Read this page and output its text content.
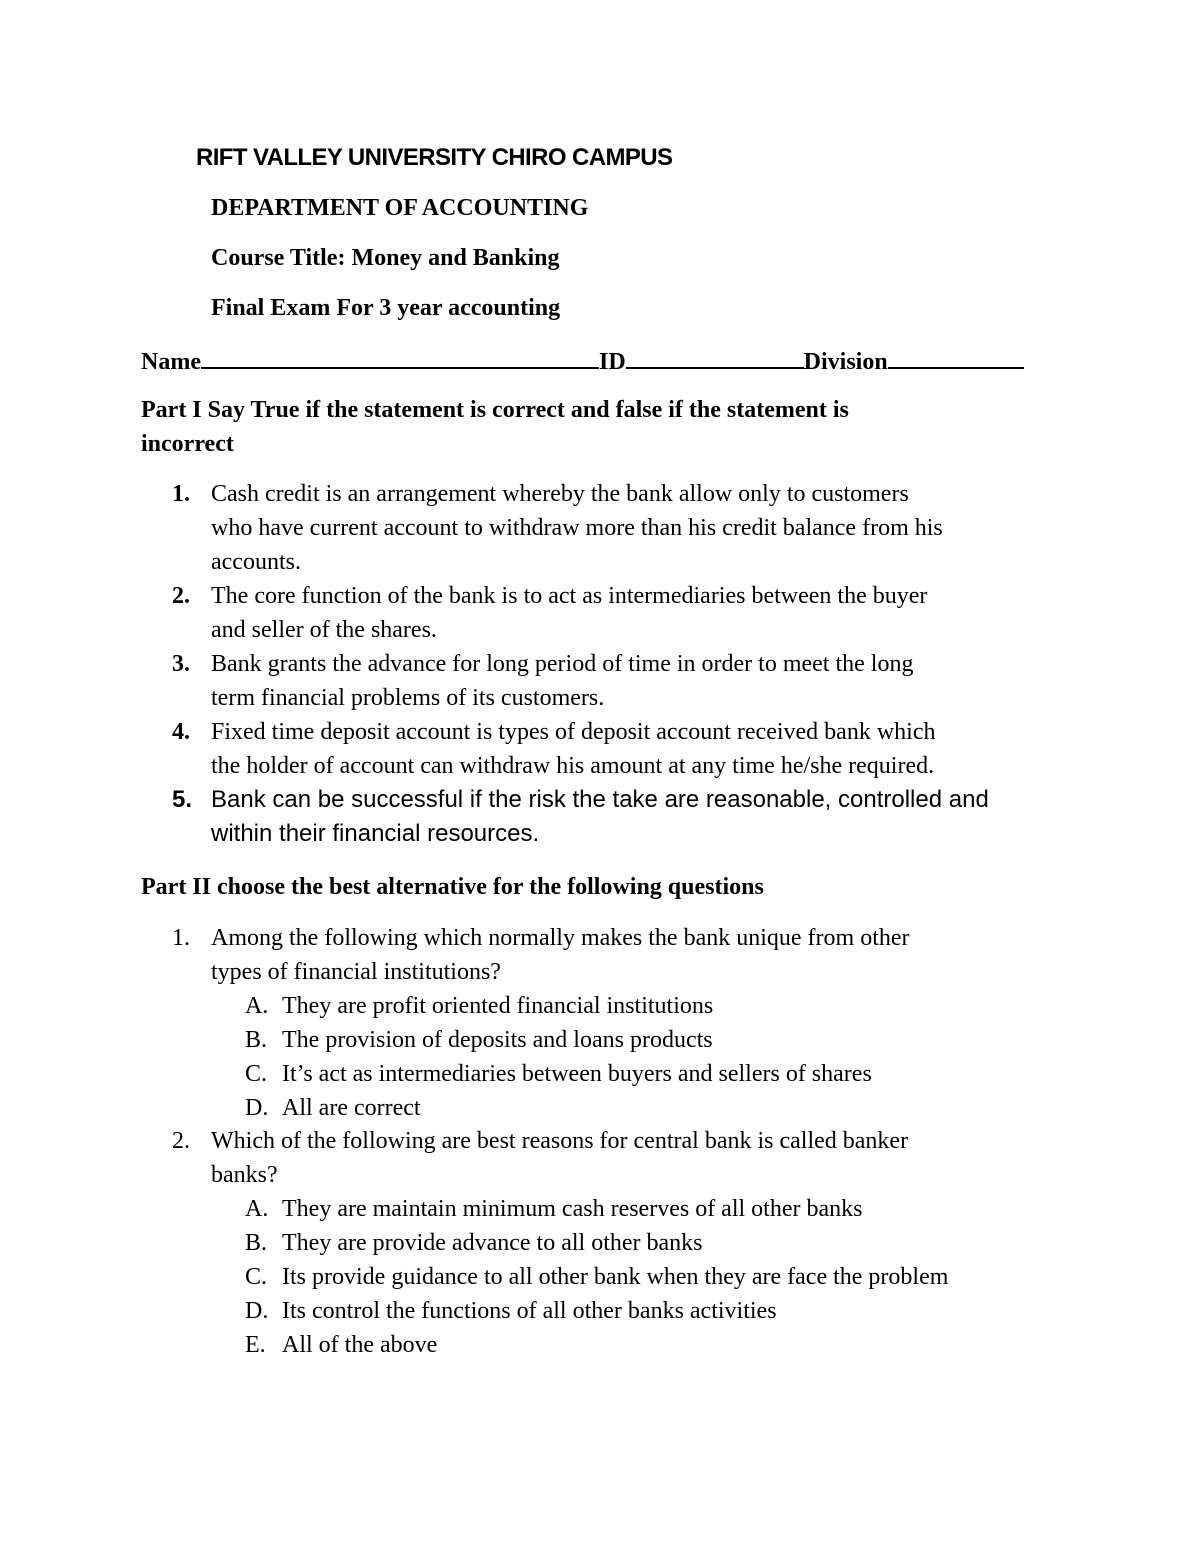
RIFT VALLEY UNIVERSITY CHIRO CAMPUS
DEPARTMENT OF ACCOUNTING
Course Title: Money and Banking
Final Exam For 3 year accounting
Name	ID	Division
Part I Say True if the statement is correct and false if the statement is
incorrect
1. Cash credit is an arrangement whereby the bank allow only to customers
who have current account to withdraw more than his credit balance from his
accounts.
2. The core function of the bank is to act as intermediaries between the buyer
and seller of the shares.
3. Bank grants the advance for long period of time in order to meet the long
term financial problems of its customers.
4. Fixed time deposit account is types of deposit account received bank which
the holder of account can withdraw his amount at any time he/she required.
5. Bank can be successful if the risk the take are reasonable, controlled and
within their financial resources.
Part II choose the best alternative for the following questions
1. Among the following which normally makes the bank unique from other
types of financial institutions?
A. They are profit oriented financial institutions
B. The provision of deposits and loans products
C. It’s act as intermediaries between buyers and sellers of shares
D. All are correct
2. Which of the following are best reasons for central bank is called banker
banks?
A. They are maintain minimum cash reserves of all other banks
B. They are provide advance to all other banks
C. Its provide guidance to all other bank when they are face the problem
D. Its control the functions of all other banks activities
E. All of the above
